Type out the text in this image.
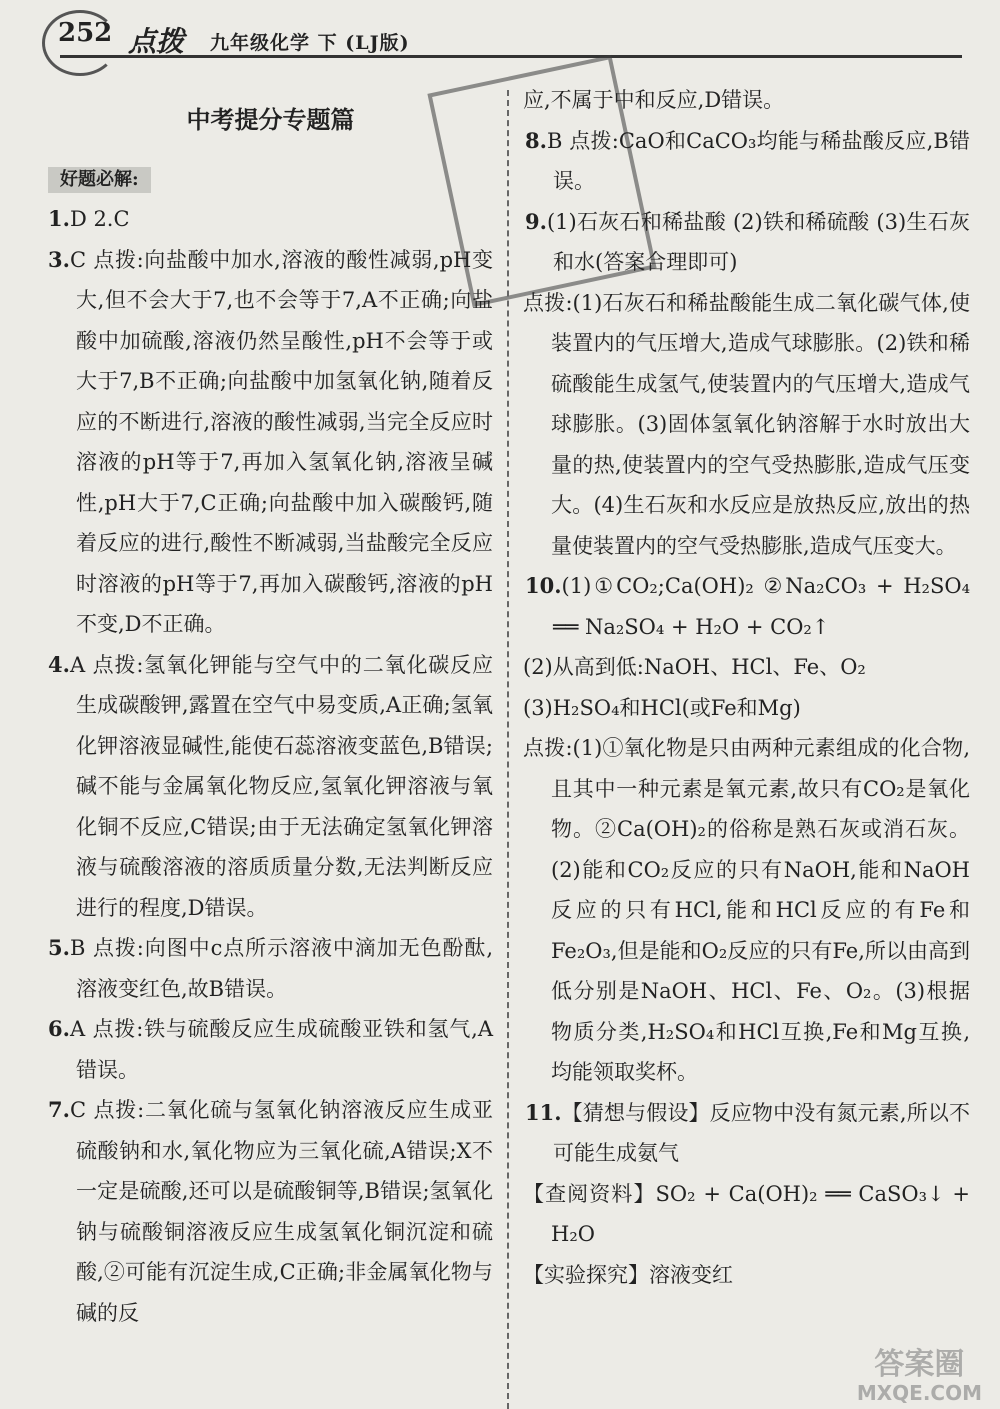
252 点拨 九年级化学 下 (LJ版)
中考提分专题篇
好题必解:
1.D 2.C
3.C 点拨:向盐酸中加水,溶液的酸性减弱,pH变大,但不会大于7,也不会等于7,A不正确;向盐酸中加硫酸,溶液仍然呈酸性,pH不会等于或大于7,B不正确;向盐酸中加氢氧化钠,随着反应的不断进行,溶液的酸性减弱,当完全反应时溶液的pH等于7,再加入氢氧化钠,溶液呈碱性,pH大于7,C正确;向盐酸中加入碳酸钙,随着反应的进行,酸性不断减弱,当盐酸完全反应时溶液的pH等于7,再加入碳酸钙,溶液的pH不变,D不正确。
4.A 点拨:氢氧化钾能与空气中的二氧化碳反应生成碳酸钾,露置在空气中易变质,A正确;氢氧化钾溶液显碱性,能使石蕊溶液变蓝色,B错误;碱不能与金属氧化物反应,氢氧化钾溶液与氧化铜不反应,C错误;由于无法确定氢氧化钾溶液与硫酸溶液的溶质质量分数,无法判断反应进行的程度,D错误。
5.B 点拨:向图中c点所示溶液中滴加无色酚酞,溶液变红色,故B错误。
6.A 点拨:铁与硫酸反应生成硫酸亚铁和氢气,A错误。
7.C 点拨:二氧化硫与氢氧化钠溶液反应生成亚硫酸钠和水,氧化物应为三氧化硫,A错误;X不一定是硫酸,还可以是硫酸铜等,B错误;氢氧化钠与硫酸铜溶液反应生成氢氧化铜沉淀和硫酸,②可能有沉淀生成,C正确;非金属氧化物与碱的反
应,不属于中和反应,D错误。
8.B 点拨:CaO和CaCO₃均能与稀盐酸反应,B错误。
9.(1)石灰石和稀盐酸 (2)铁和稀硫酸 (3)生石灰和水(答案合理即可)
点拨:(1)石灰石和稀盐酸能生成二氧化碳气体,使装置内的气压增大,造成气球膨胀。(2)铁和稀硫酸能生成氢气,使装置内的气压增大,造成气球膨胀。(3)固体氢氧化钠溶解于水时放出大量的热,使装置内的空气受热膨胀,造成气压变大。(4)生石灰和水反应是放热反应,放出的热量使装置内的空气受热膨胀,造成气压变大。
10.(1)①CO₂;Ca(OH)₂ ②Na₂CO₃ + H₂SO₄ ══ Na₂SO₄ + H₂O + CO₂↑
(2)从高到低:NaOH、HCl、Fe、O₂
(3)H₂SO₄和HCl(或Fe和Mg)
点拨:(1)①氧化物是只由两种元素组成的化合物,且其中一种元素是氧元素,故只有CO₂是氧化物。②Ca(OH)₂的俗称是熟石灰或消石灰。(2)能和CO₂反应的只有NaOH,能和NaOH反应的只有HCl,能和HCl反应的有Fe和Fe₂O₃,但是能和O₂反应的只有Fe,所以由高到低分别是NaOH、HCl、Fe、O₂。(3)根据物质分类,H₂SO₄和HCl互换,Fe和Mg互换,均能领取奖杯。
11.【猜想与假设】反应物中没有氮元素,所以不可能生成氨气
【查阅资料】SO₂ + Ca(OH)₂ ══ CaSO₃↓ + H₂O
【实验探究】溶液变红
答案圈
MXQE.COM
